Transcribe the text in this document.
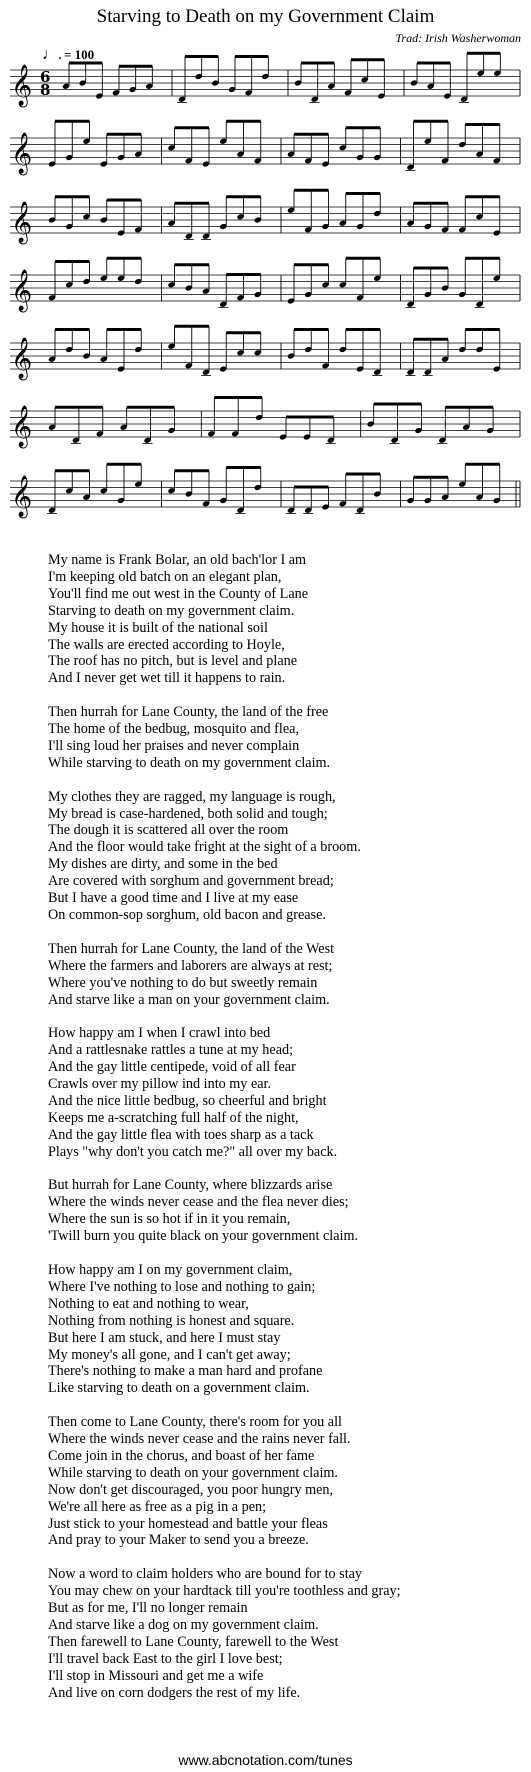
Starving to Death on my Government Claim
Trad: Irish Washerwoman
♩. = 100
𝄞 6
8
𝄞
𝄞
𝄞
𝄞
𝄞
𝄞
My name is Frank Bolar, an old bach'lor I am
I'm keeping old batch on an elegant plan,
You'll find me out west in the County of Lane
Starving to death on my government claim.
My house it is built of the national soil
The walls are erected according to Hoyle,
The roof has no pitch, but is level and plane
And I never get wet till it happens to rain.
Then hurrah for Lane County, the land of the free
The home of the bedbug, mosquito and flea,
I'll sing loud her praises and never complain
While starving to death on my government claim.
My clothes they are ragged, my language is rough,
My bread is case-hardened, both solid and tough;
The dough it is scattered all over the room
And the floor would take fright at the sight of a broom.
My dishes are dirty, and some in the bed
Are covered with sorghum and government bread;
But I have a good time and I live at my ease
On common-sop sorghum, old bacon and grease.
Then hurrah for Lane County, the land of the West
Where the farmers and laborers are always at rest;
Where you've nothing to do but sweetly remain
And starve like a man on your government claim.
How happy am I when I crawl into bed
And a rattlesnake rattles a tune at my head;
And the gay little centipede, void of all fear
Crawls over my pillow ind into my ear.
And the nice little bedbug, so cheerful and bright
Keeps me a-scratching full half of the night,
And the gay little flea with toes sharp as a tack
Plays "why don't you catch me?" all over my back.
But hurrah for Lane County, where blizzards arise
Where the winds never cease and the flea never dies;
Where the sun is so hot if in it you remain,
'Twill burn you quite black on your government claim.
How happy am I on my government claim,
Where I've nothing to lose and nothing to gain;
Nothing to eat and nothing to wear,
Nothing from nothing is honest and square.
But here I am stuck, and here I must stay
My money's all gone, and I can't get away;
There's nothing to make a man hard and profane
Like starving to death on a government claim.
Then come to Lane County, there's room for you all
Where the winds never cease and the rains never fall.
Come join in the chorus, and boast of her fame
While starving to death on your government claim.
Now don't get discouraged, you poor hungry men,
We're all here as free as a pig in a pen;
Just stick to your homestead and battle your fleas
And pray to your Maker to send you a breeze.
Now a word to claim holders who are bound for to stay
You may chew on your hardtack till you're toothless and gray;
But as for me, I'll no longer remain
And starve like a dog on my government claim.
Then farewell to Lane County, farewell to the West
I'll travel back East to the girl I love best;
I'll stop in Missouri and get me a wife
And live on corn dodgers the rest of my life.
www.abcnotation.com/tunes
